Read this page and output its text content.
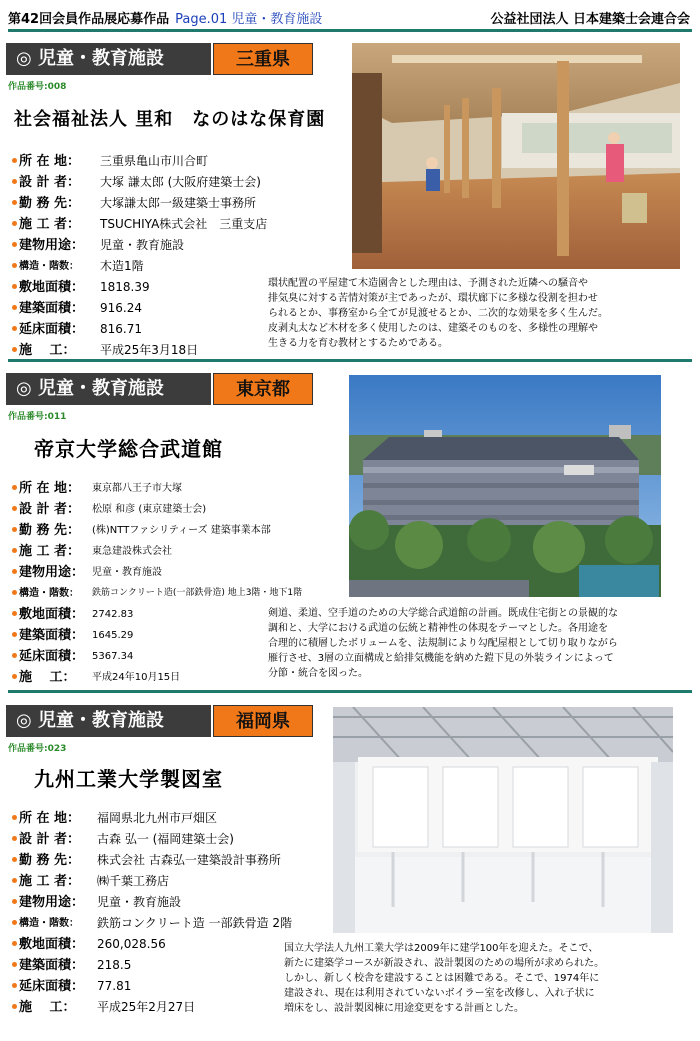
第42回会員作品展応募作品 Page.01 児童・教育施設	公益社団法人 日本建築士会連合会
◎ 児童・教育施設	三重県
作品番号:008
社会福祉法人 里和　なのはな保育園
所 在 地： 三重県亀山市川合町
設 計 者： 大塚 謙太郎 (大阪府建築士会)
勤 務 先： 大塚謙太郎一級建築士事務所
施 工 者： TSUCHIYA株式会社　三重支店
建物用途： 児童・教育施設
構造・階数： 木造1階
敷地面積： 1818.39
建築面積： 916.24
延床面積： 816.71
施　 工： 平成25年3月18日
環状配置の平屋建て木造園舎とした理由は、予測された近隣への騒音や
排気臭に対する苦情対策が主であったが、環状廊下に多様な役割を担わせ
られるとか、事務室から全てが見渡せるとか、二次的な効果を多く生んだ。
皮剥丸太など木材を多く使用したのは、建築そのものを、多様性の理解や
生きる力を育む教材とするためである。
◎ 児童・教育施設	東京都
作品番号:011
帝京大学総合武道館
所 在 地： 東京都八王子市大塚
設 計 者： 松原 和彦 (東京建築士会)
勤 務 先： (株)NTTファシリティーズ 建築事業本部
施 工 者： 東急建設株式会社
建物用途： 児童・教育施設
構造・階数： 鉄筋コンクリート造(一部鉄骨造) 地上3階・地下1階
敷地面積： 2742.83
建築面積： 1645.29
延床面積： 5367.34
施　 工： 平成24年10月15日
剣道、柔道、空手道のための大学総合武道館の計画。既成住宅街との景観的な
調和と、大学における武道の伝統と精神性の体現をテーマとした。各用途を
合理的に積層したボリュームを、法規制により勾配屋根として切り取りながら
雁行させ、3層の立面構成と給排気機能を納めた鎧下見の外装ラインによって
分節・統合を図った。
◎ 児童・教育施設	福岡県
作品番号:023
九州工業大学製図室
所 在 地： 福岡県北九州市戸畑区
設 計 者： 古森 弘一 (福岡建築士会)
勤 務 先： 株式会社 古森弘一建築設計事務所
施 工 者： ㈱千葉工務店
建物用途： 児童・教育施設
構造・階数： 鉄筋コンクリート造 一部鉄骨造 2階
敷地面積： 260,028.56
建築面積： 218.5
延床面積： 77.81
施　 工： 平成25年2月27日
国立大学法人九州工業大学は2009年に建学100年を迎えた。そこで、
新たに建築学コースが新設され、設計製図のための場所が求められた。
しかし、新しく校舎を建設することは困難である。そこで、1974年に
建設され、現在は利用されていないボイラー室を改修し、入れ子状に
増床をし、設計製図棟に用途変更をする計画とした。
